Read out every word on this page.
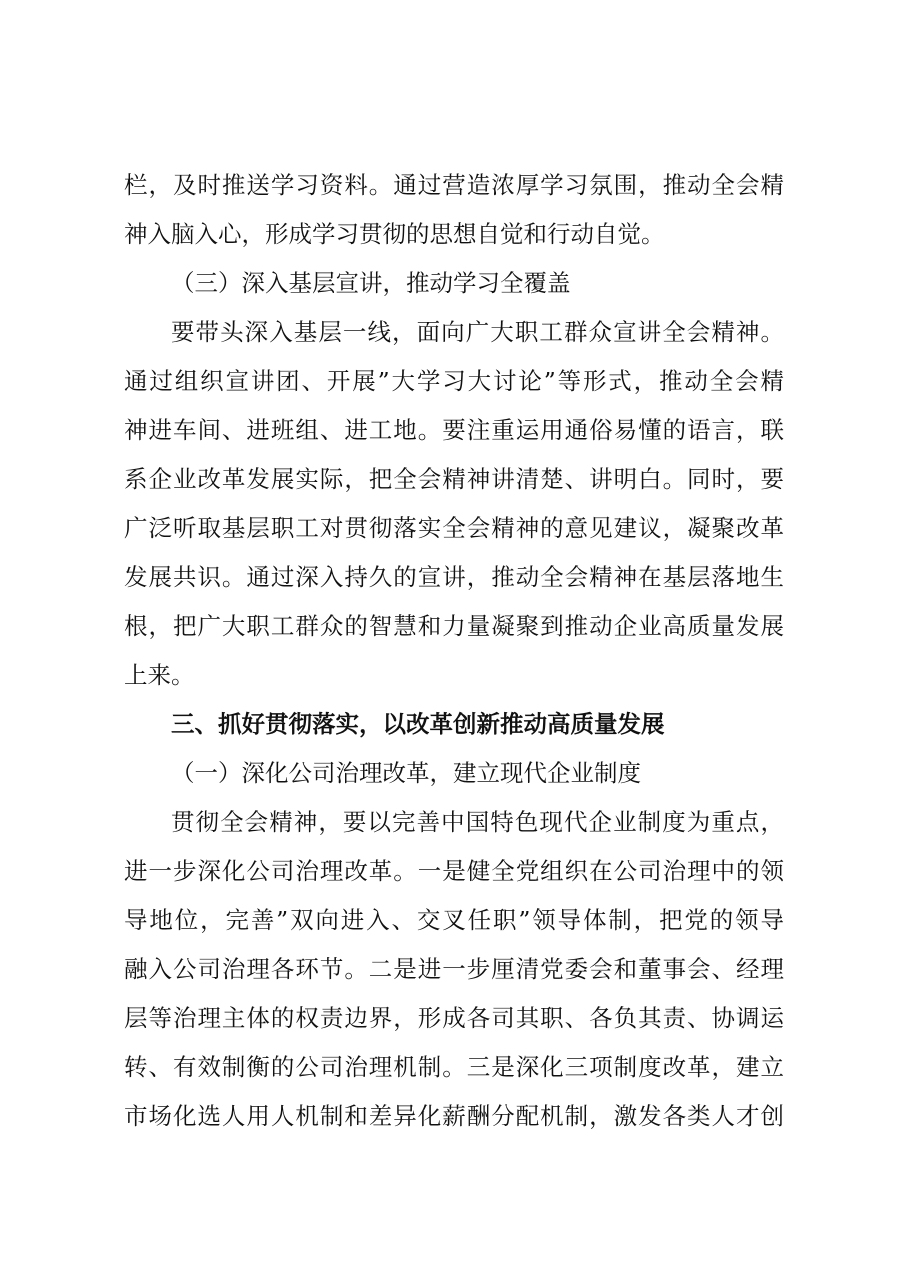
栏，及时推送学习资料。通过营造浓厚学习氛围，推动全会精
神入脑入心，形成学习贯彻的思想自觉和行动自觉。
（三）深入基层宣讲，推动学习全覆盖
要带头深入基层一线，面向广大职工群众宣讲全会精神。
通过组织宣讲团、开展”大学习大讨论”等形式，推动全会精
神进车间、进班组、进工地。要注重运用通俗易懂的语言，联
系企业改革发展实际，把全会精神讲清楚、讲明白。同时，要
广泛听取基层职工对贯彻落实全会精神的意见建议，凝聚改革
发展共识。通过深入持久的宣讲，推动全会精神在基层落地生
根，把广大职工群众的智慧和力量凝聚到推动企业高质量发展
上来。
三、抓好贯彻落实，以改革创新推动高质量发展
（一）深化公司治理改革，建立现代企业制度
贯彻全会精神，要以完善中国特色现代企业制度为重点，
进一步深化公司治理改革。一是健全党组织在公司治理中的领
导地位，完善”双向进入、交叉任职”领导体制，把党的领导
融入公司治理各环节。二是进一步厘清党委会和董事会、经理
层等治理主体的权责边界，形成各司其职、各负其责、协调运
转、有效制衡的公司治理机制。三是深化三项制度改革，建立
市场化选人用人机制和差异化薪酬分配机制，激发各类人才创
